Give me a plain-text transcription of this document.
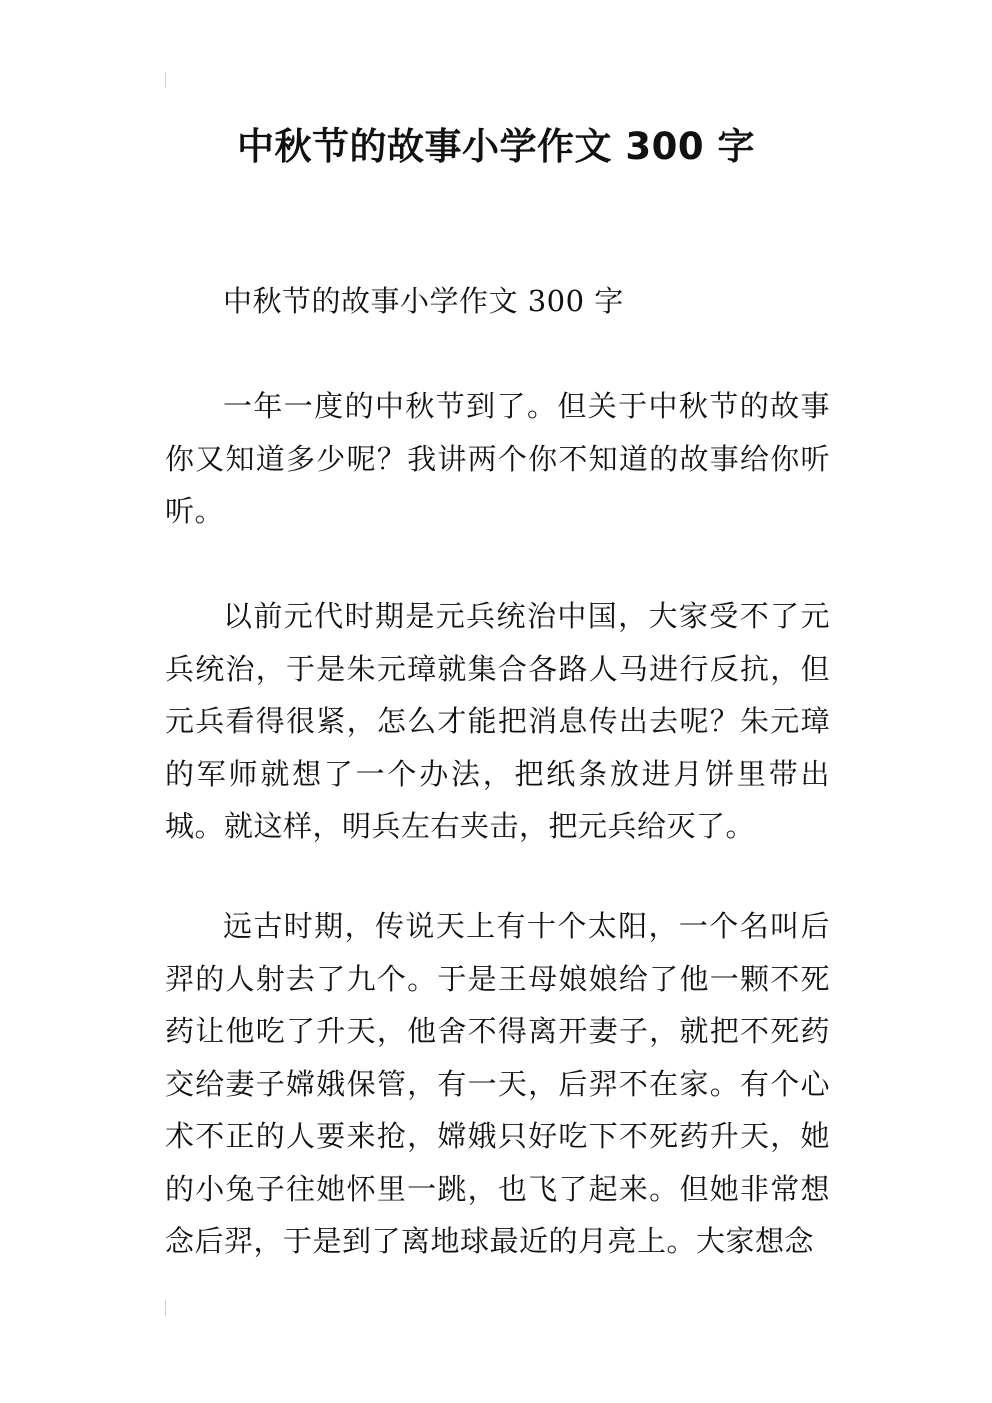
中秋节的故事小学作文 300 字

中秋节的故事小学作文 300 字

一年一度的中秋节到了。但关于中秋节的故事你又知道多少呢？我讲两个你不知道的故事给你听听。

以前元代时期是元兵统治中国，大家受不了元兵统治，于是朱元璋就集合各路人马进行反抗，但元兵看得很紧，怎么才能把消息传出去呢？朱元璋的军师就想了一个办法，把纸条放进月饼里带出城。就这样，明兵左右夹击，把元兵给灭了。

远古时期，传说天上有十个太阳，一个名叫后羿的人射去了九个。于是王母娘娘给了他一颗不死药让他吃了升天，他舍不得离开妻子，就把不死药交给妻子嫦娥保管，有一天，后羿不在家。有个心术不正的人要来抢，嫦娥只好吃下不死药升天，她的小兔子往她怀里一跳，也飞了起来。但她非常想念后羿，于是到了离地球最近的月亮上。大家想念
